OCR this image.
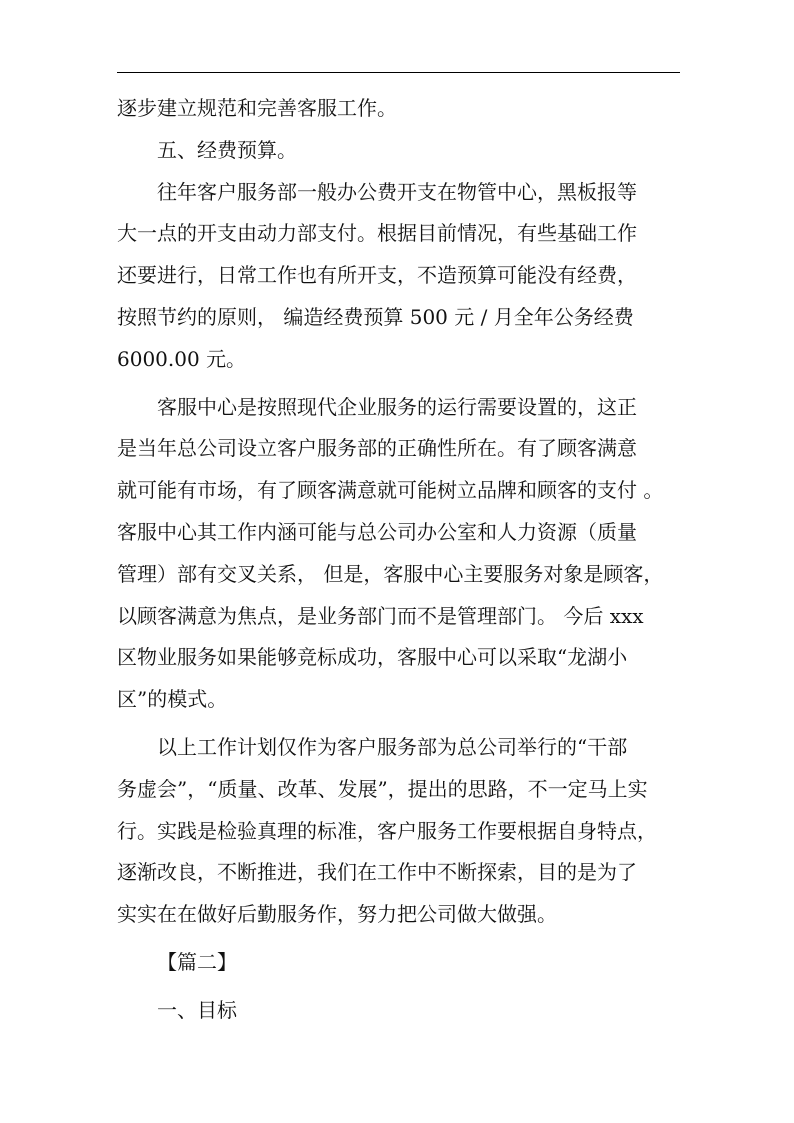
逐步建立规范和完善客服工作。
五、经费预算。
往年客户服务部一般办公费开支在物管中心，黑板报等
大一点的开支由动力部支付。根据目前情况，有些基础工作
还要进行，日常工作也有所开支，不造预算可能没有经费，
按照节约的原则， 编造经费预算 500 元 / 月全年公务经费
6000.00 元。
客服中心是按照现代企业服务的运行需要设置的，这正
是当年总公司设立客户服务部的正确性所在。有了顾客满意
就可能有市场，有了顾客满意就可能树立品牌和顾客的支付 。
客服中心其工作内涵可能与总公司办公室和人力资源（质量
管理）部有交叉关系， 但是，客服中心主要服务对象是顾客，
以顾客满意为焦点，是业务部门而不是管理部门。 今后 xxx
区物业服务如果能够竞标成功，客服中心可以采取“龙湖小
区”的模式。
以上工作计划仅作为客户服务部为总公司举行的“干部
务虚会”，“质量、改革、发展”，提出的思路，不一定马上实
行。实践是检验真理的标准，客户服务工作要根据自身特点，
逐渐改良，不断推进，我们在工作中不断探索，目的是为了
实实在在做好后勤服务作，努力把公司做大做强。
【篇二】
一、目标
